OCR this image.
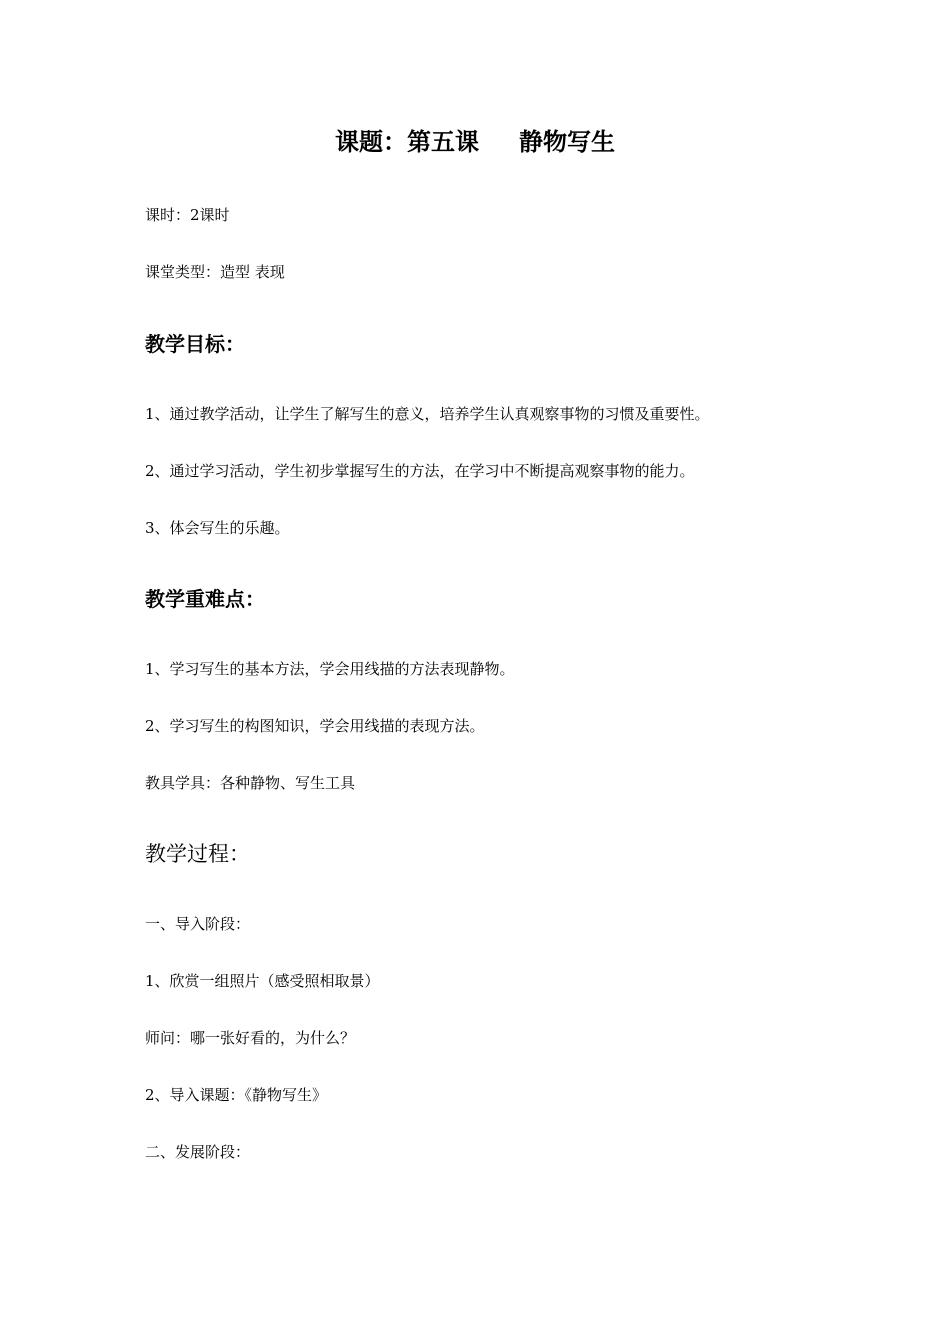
课题：第五课 静物写生
课时：2课时
课堂类型：造型 表现
教学目标：
1、通过教学活动，让学生了解写生的意义，培养学生认真观察事物的习惯及重要性。
2、通过学习活动，学生初步掌握写生的方法，在学习中不断提高观察事物的能力。
3、体会写生的乐趣。
教学重难点：
1、学习写生的基本方法，学会用线描的方法表现静物。
2、学习写生的构图知识，学会用线描的表现方法。
教具学具：各种静物、写生工具
教学过程：
一、导入阶段：
1、欣赏一组照片（感受照相取景）
师问：哪一张好看的，为什么？
2、导入课题：《静物写生》
二、发展阶段：
